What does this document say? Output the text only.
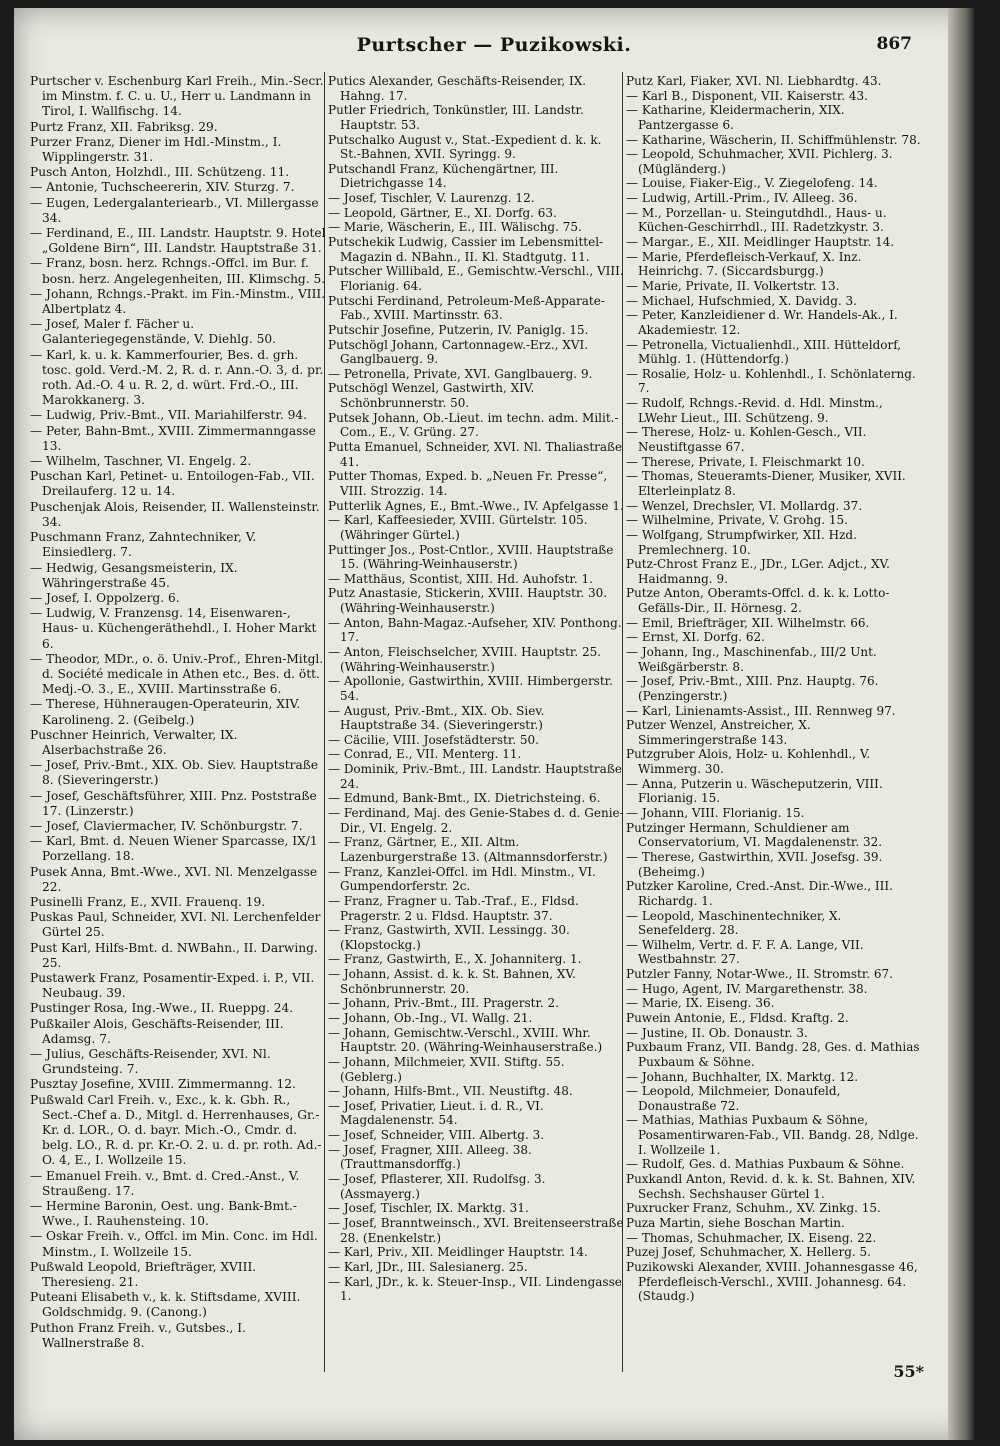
Purtscher — Puzikowski.	867

Purtscher v. Eschenburg Karl Freih., Min.-Secr. im Minstm. f. C. u. U., Herr u. Landmann in Tirol, I. Wallfischg. 14.

Purtz Franz, XII. Fabriksg. 29.

Purzer Franz, Diener im Hdl.-Minstm., I. Wipplingerstr. 31.

Pusch Anton, Holzhdl., III. Schützeng. 11.

— Antonie, Tuchscheererin, XIV. Sturzg. 7.

— Eugen, Ledergalanteriearb., VI. Millergasse 34.

— Ferdinand, E., III. Landstr. Hauptstr. 9. Hotel „Goldene Birn“, III. Landstr. Hauptstraße 31.

— Franz, bosn. herz. Rchngs.-Offcl. im Bur. f. bosn. herz. Angelegenheiten, III. Klimschg. 5.

— Johann, Rchngs.-Prakt. im Fin.-Minstm., VIII. Albertplatz 4.

— Josef, Maler f. Fächer u. Galanteriegegenstände, V. Diehlg. 50.

— Karl, k. u. k. Kammerfourier, Bes. d. grh. tosc. gold. Verd.-M. 2, R. d. r. Ann.-O. 3, d. pr. roth. Ad.-O. 4 u. R. 2, d. würt. Frd.-O., III. Marokkanerg. 3.

— Ludwig, Priv.-Bmt., VII. Mariahilferstr. 94.

— Peter, Bahn-Bmt., XVIII. Zimmermanngasse 13.

— Wilhelm, Taschner, VI. Engelg. 2.

Puschan Karl, Petinet- u. Entoilogen-Fab., VII. Dreilauferg. 12 u. 14.

Puschenjak Alois, Reisender, II. Wallensteinstr. 34.

Puschmann Franz, Zahntechniker, V. Einsiedlerg. 7.

— Hedwig, Gesangsmeisterin, IX. Währingerstraße 45.

— Josef, I. Oppolzerg. 6.

— Ludwig, V. Franzensg. 14, Eisenwaren-, Haus- u. Küchengeräthehdl., I. Hoher Markt 6.

— Theodor, MDr., o. ö. Univ.-Prof., Ehren-Mitgl. d. Société medicale in Athen etc., Bes. d. ött. Medj.-O. 3., E., XVIII. Martinsstraße 6.

— Therese, Hühneraugen-Operateurin, XIV. Karolineng. 2. (Geibelg.)

Puschner Heinrich, Verwalter, IX. Alserbachstraße 26.

— Josef, Priv.-Bmt., XIX. Ob. Siev. Hauptstraße 8. (Sieveringerstr.)

— Josef, Geschäftsführer, XIII. Pnz. Poststraße 17. (Linzerstr.)

— Josef, Claviermacher, IV. Schönburgstr. 7.

— Karl, Bmt. d. Neuen Wiener Sparcasse, IX/1 Porzellang. 18.

Pusek Anna, Bmt.-Wwe., XVI. Nl. Menzelgasse 22.

Pusinelli Franz, E., XVII. Frauenq. 19.

Puskas Paul, Schneider, XVI. Nl. Lerchenfelder Gürtel 25.

Pust Karl, Hilfs-Bmt. d. NWBahn., II. Darwing. 25.

Pustawerk Franz, Posamentir-Exped. i. P., VII. Neubaug. 39.

Pustinger Rosa, Ing.-Wwe., II. Rueppg. 24.

Pußkailer Alois, Geschäfts-Reisender, III. Adamsg. 7.

— Julius, Geschäfts-Reisender, XVI. Nl. Grundsteing. 7.

Pusztay Josefine, XVIII. Zimmermanng. 12.

Pußwald Carl Freih. v., Exc., k. k. Gbh. R., Sect.-Chef a. D., Mitgl. d. Herrenhauses, Gr.-Kr. d. LOR., O. d. bayr. Mich.-O., Cmdr. d. belg. LO., R. d. pr. Kr.-O. 2. u. d. pr. roth. Ad.-O. 4, E., I. Wollzeile 15.

— Emanuel Freih. v., Bmt. d. Cred.-Anst., V. Straußeng. 17.

— Hermine Baronin, Oest. ung. Bank-Bmt.-Wwe., I. Rauhensteing. 10.

— Oskar Freih. v., Offcl. im Min. Conc. im Hdl. Minstm., I. Wollzeile 15.

Pußwald Leopold, Briefträger, XVIII. Theresieng. 21.

Puteani Elisabeth v., k. k. Stiftsdame, XVIII. Goldschmidg. 9. (Canong.)

Puthon Franz Freih. v., Gutsbes., I. Wallnerstraße 8.

Putics Alexander, Geschäfts-Reisender, IX. Hahng. 17.

Putler Friedrich, Tonkünstler, III. Landstr. Hauptstr. 53.

Putschalko August v., Stat.-Expedient d. k. k. St.-Bahnen, XVII. Syringg. 9.

Putschandl Franz, Küchengärtner, III. Dietrichgasse 14.

— Josef, Tischler, V. Laurenzg. 12.

— Leopold, Gärtner, E., XI. Dorfg. 63.

— Marie, Wäscherin, E., III. Wälischg. 75.

Putschekik Ludwig, Cassier im Lebensmittel-Magazin d. NBahn., II. Kl. Stadtgutg. 11.

Putscher Willibald, E., Gemischtw.-Verschl., VIII. Florianig. 64.

Putschi Ferdinand, Petroleum-Meß-Apparate-Fab., XVIII. Martinsstr. 63.

Putschir Josefine, Putzerin, IV. Paniglg. 15.

Putschögl Johann, Cartonnagew.-Erz., XVI. Ganglbauerg. 9.

— Petronella, Private, XVI. Ganglbauerg. 9.

Putschögl Wenzel, Gastwirth, XIV. Schönbrunnerstr. 50.

Putsek Johann, Ob.-Lieut. im techn. adm. Milit.-Com., E., V. Grüng. 27.

Putta Emanuel, Schneider, XVI. Nl. Thaliastraße 41.

Putter Thomas, Exped. b. „Neuen Fr. Presse“, VIII. Strozzig. 14.

Putterlik Agnes, E., Bmt.-Wwe., IV. Apfelgasse 1.

— Karl, Kaffeesieder, XVIII. Gürtelstr. 105. (Währinger Gürtel.)

Puttinger Jos., Post-Cntlor., XVIII. Hauptstraße 15. (Währing-Weinhauserstr.)

— Matthäus, Scontist, XIII. Hd. Auhofstr. 1.

Putz Anastasie, Stickerin, XVIII. Hauptstr. 30. (Währing-Weinhauserstr.)

— Anton, Bahn-Magaz.-Aufseher, XIV. Ponthong. 17.

— Anton, Fleischselcher, XVIII. Hauptstr. 25. (Währing-Weinhauserstr.)

— Apollonie, Gastwirthin, XVIII. Himbergerstr. 54.

— August, Priv.-Bmt., XIX. Ob. Siev. Hauptstraße 34. (Sieveringerstr.)

— Cäcilie, VIII. Josefstädterstr. 50.

— Conrad, E., VII. Menterg. 11.

— Dominik, Priv.-Bmt., III. Landstr. Hauptstraße 24.

— Edmund, Bank-Bmt., IX. Dietrichsteing. 6.

— Ferdinand, Maj. des Genie-Stabes d. d. Genie-Dir., VI. Engelg. 2.

— Franz, Gärtner, E., XII. Altm. Lazenburgerstraße 13. (Altmannsdorferstr.)

— Franz, Kanzlei-Offcl. im Hdl. Minstm., VI. Gumpendorferstr. 2c.

— Franz, Fragner u. Tab.-Traf., E., Fldsd. Pragerstr. 2 u. Fldsd. Hauptstr. 37.

— Franz, Gastwirth, XVII. Lessingg. 30. (Klopstockg.)

— Franz, Gastwirth, E., X. Johanniterg. 1.

— Johann, Assist. d. k. k. St. Bahnen, XV. Schönbrunnerstr. 20.

— Johann, Priv.-Bmt., III. Pragerstr. 2.

— Johann, Ob.-Ing., VI. Wallg. 21.

— Johann, Gemischtw.-Verschl., XVIII. Whr. Hauptstr. 20. (Währing-Weinhauserstraße.)

— Johann, Milchmeier, XVII. Stiftg. 55. (Geblerg.)

— Johann, Hilfs-Bmt., VII. Neustiftg. 48.

— Josef, Privatier, Lieut. i. d. R., VI. Magdalenenstr. 54.

— Josef, Schneider, VIII. Albertg. 3.

— Josef, Fragner, XIII. Alleeg. 38. (Trauttmansdorffg.)

— Josef, Pflasterer, XII. Rudolfsg. 3. (Assmayerg.)

— Josef, Tischler, IX. Marktg. 31.

— Josef, Branntweinsch., XVI. Breitenseerstraße 28. (Enenkelstr.)

— Karl, Priv., XII. Meidlinger Hauptstr. 14.

— Karl, JDr., III. Salesianerg. 25.

— Karl, JDr., k. k. Steuer-Insp., VII. Lindengasse 1.

Putz Karl, Fiaker, XVI. Nl. Liebhardtg. 43.

— Karl B., Disponent, VII. Kaiserstr. 43.

— Katharine, Kleidermacherin, XIX. Pantzergasse 6.

— Katharine, Wäscherin, II. Schiffmühlenstr. 78.

— Leopold, Schuhmacher, XVII. Pichlerg. 3. (Mügländerg.)

— Louise, Fiaker-Eig., V. Ziegelofeng. 14.

— Ludwig, Artill.-Prim., IV. Alleeg. 36.

— M., Porzellan- u. Steingutdhdl., Haus- u. Küchen-Geschirrhdl., III. Radetzkystr. 3.

— Margar., E., XII. Meidlinger Hauptstr. 14.

— Marie, Pferdefleisch-Verkauf, X. Inz. Heinrichg. 7. (Siccardsburgg.)

— Marie, Private, II. Volkertstr. 13.

— Michael, Hufschmied, X. Davidg. 3.

— Peter, Kanzleidiener d. Wr. Handels-Ak., I. Akademiestr. 12.

— Petronella, Victualienhdl., XIII. Hütteldorf, Mühlg. 1. (Hüttendorfg.)

— Rosalie, Holz- u. Kohlenhdl., I. Schönlaterng. 7.

— Rudolf, Rchngs.-Revid. d. Hdl. Minstm., LWehr Lieut., III. Schützeng. 9.

— Therese, Holz- u. Kohlen-Gesch., VII. Neustiftgasse 67.

— Therese, Private, I. Fleischmarkt 10.

— Thomas, Steueramts-Diener, Musiker, XVII. Elterleinplatz 8.

— Wenzel, Drechsler, VI. Mollardg. 37.

— Wilhelmine, Private, V. Grohg. 15.

— Wolfgang, Strumpfwirker, XII. Hzd. Premlechnerg. 10.

Putz-Chrost Franz E., JDr., LGer. Adjct., XV. Haidmanng. 9.

Putze Anton, Oberamts-Offcl. d. k. k. Lotto-Gefälls-Dir., II. Hörnesg. 2.

— Emil, Briefträger, XII. Wilhelmstr. 66.

— Ernst, XI. Dorfg. 62.

— Johann, Ing., Maschinenfab., III/2 Unt. Weißgärberstr. 8.

— Josef, Priv.-Bmt., XIII. Pnz. Hauptg. 76. (Penzingerstr.)

— Karl, Linienamts-Assist., III. Rennweg 97.

Putzer Wenzel, Anstreicher, X. Simmeringerstraße 143.

Putzgruber Alois, Holz- u. Kohlenhdl., V. Wimmerg. 30.

— Anna, Putzerin u. Wäscheputzerin, VIII. Florianig. 15.

— Johann, VIII. Florianig. 15.

Putzinger Hermann, Schuldiener am Conservatorium, VI. Magdalenenstr. 32.

— Therese, Gastwirthin, XVII. Josefsg. 39. (Beheimg.)

Putzker Karoline, Cred.-Anst. Dir.-Wwe., III. Richardg. 1.

— Leopold, Maschinentechniker, X. Senefelderg. 28.

— Wilhelm, Vertr. d. F. F. A. Lange, VII. Westbahnstr. 27.

Putzler Fanny, Notar-Wwe., II. Stromstr. 67.

— Hugo, Agent, IV. Margarethenstr. 38.

— Marie, IX. Eiseng. 36.

Puwein Antonie, E., Fldsd. Kraftg. 2.

— Justine, II. Ob. Donaustr. 3.

Puxbaum Franz, VII. Bandg. 28, Ges. d. Mathias Puxbaum & Söhne.

— Johann, Buchhalter, IX. Marktg. 12.

— Leopold, Milchmeier, Donaufeld, Donaustraße 72.

— Mathias, Mathias Puxbaum & Söhne, Posamentirwaren-Fab., VII. Bandg. 28, Ndlge. I. Wollzeile 1.

— Rudolf, Ges. d. Mathias Puxbaum & Söhne.

Puxkandl Anton, Revid. d. k. k. St. Bahnen, XIV. Sechsh. Sechshauser Gürtel 1.

Puxrucker Franz, Schuhm., XV. Zinkg. 15.

Puza Martin, siehe Boschan Martin.

— Thomas, Schuhmacher, IX. Eiseng. 22.

Puzej Josef, Schuhmacher, X. Hellerg. 5.

Puzikowski Alexander, XVIII. Johannesgasse 46, Pferdefleisch-Verschl., XVIII. Johannesg. 64. (Staudg.)

55*
